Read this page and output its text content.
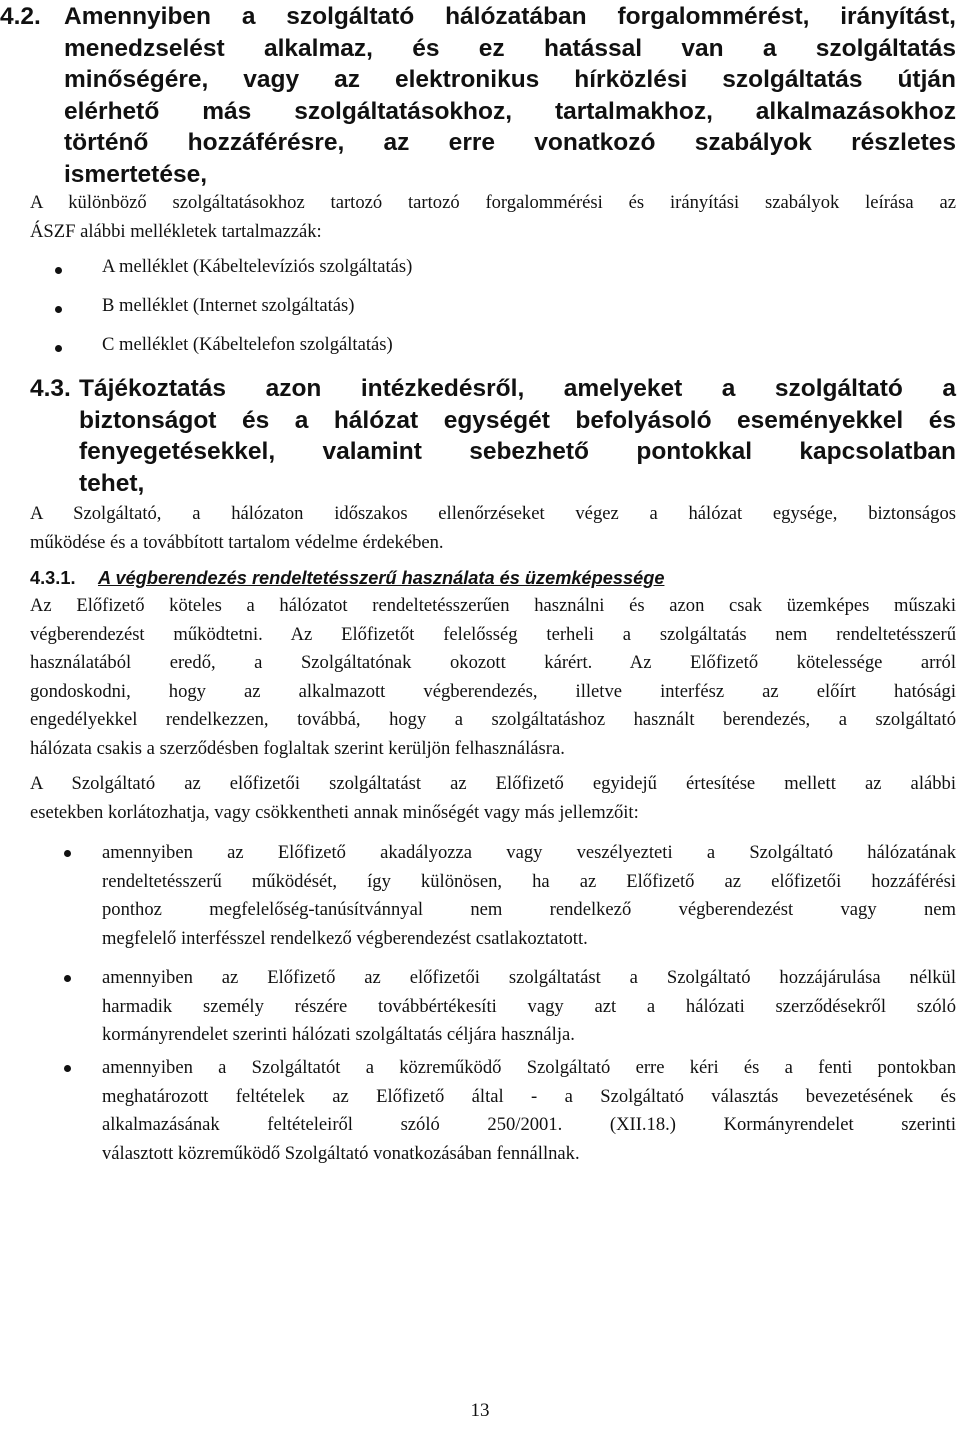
4.2. Amennyiben a szolgáltató hálózatában forgalommérést, irányítást,
menedzselést alkalmaz, és ez hatással van a szolgáltatás
minőségére, vagy az elektronikus hírközlési szolgáltatás útján
elérhető más szolgáltatásokhoz, tartalmakhoz, alkalmazásokhoz
történő hozzáférésre, az erre vonatkozó szabályok részletes
ismertetése,
A különböző szolgáltatásokhoz tartozó tartozó forgalommérési és irányítási szabályok leírása az
ÁSZF alábbi mellékletek tartalmazzák:
A melléklet (Kábeltelevíziós szolgáltatás)
B melléklet (Internet szolgáltatás)
C melléklet (Kábeltelefon szolgáltatás)
4.3. Tájékoztatás azon intézkedésről, amelyeket a szolgáltató a
biztonságot és a hálózat egységét befolyásoló eseményekkel és
fenyegetésekkel, valamint sebezhető pontokkal kapcsolatban
tehet,
A Szolgáltató, a hálózaton időszakos ellenőrzéseket végez a hálózat egysége, biztonságos
működése és a továbbított tartalom védelme érdekében.
4.3.1. A végberendezés rendeltetésszerű használata és üzemképessége
Az Előfizető köteles a hálózatot rendeltetésszerűen használni és azon csak üzemképes műszaki
végberendezést működtetni. Az Előfizetőt felelősség terheli a szolgáltatás nem rendeltetésszerű
használatából eredő, a Szolgáltatónak okozott kárért. Az Előfizető kötelessége arról
gondoskodni, hogy az alkalmazott végberendezés, illetve interfész az előírt hatósági
engedélyekkel rendelkezzen, továbbá, hogy a szolgáltatáshoz használt berendezés, a szolgáltató
hálózata csakis a szerződésben foglaltak szerint kerüljön felhasználásra.
A Szolgáltató az előfizetői szolgáltatást az Előfizető egyidejű értesítése mellett az alábbi
esetekben korlátozhatja, vagy csökkentheti annak minőségét vagy más jellemzőit:
amennyiben az Előfizető akadályozza vagy veszélyezteti a Szolgáltató hálózatának
rendeltetésszerű működését, így különösen, ha az Előfizető az előfizetői hozzáférési
ponthoz megfelelőség-tanúsítvánnyal nem rendelkező végberendezést vagy nem
megfelelő interfésszel rendelkező végberendezést csatlakoztatott.
amennyiben az Előfizető az előfizetői szolgáltatást a Szolgáltató hozzájárulása nélkül
harmadik személy részére továbbértékesíti vagy azt a hálózati szerződésekről szóló
kormányrendelet szerinti hálózati szolgáltatás céljára használja.
amennyiben a Szolgáltatót a közreműködő Szolgáltató erre kéri és a fenti pontokban
meghatározott feltételek az Előfizető által - a Szolgáltató választás bevezetésének és
alkalmazásának feltételeiről szóló 250/2001. (XII.18.) Kormányrendelet szerinti
választott közreműködő Szolgáltató vonatkozásában fennállnak.
13
